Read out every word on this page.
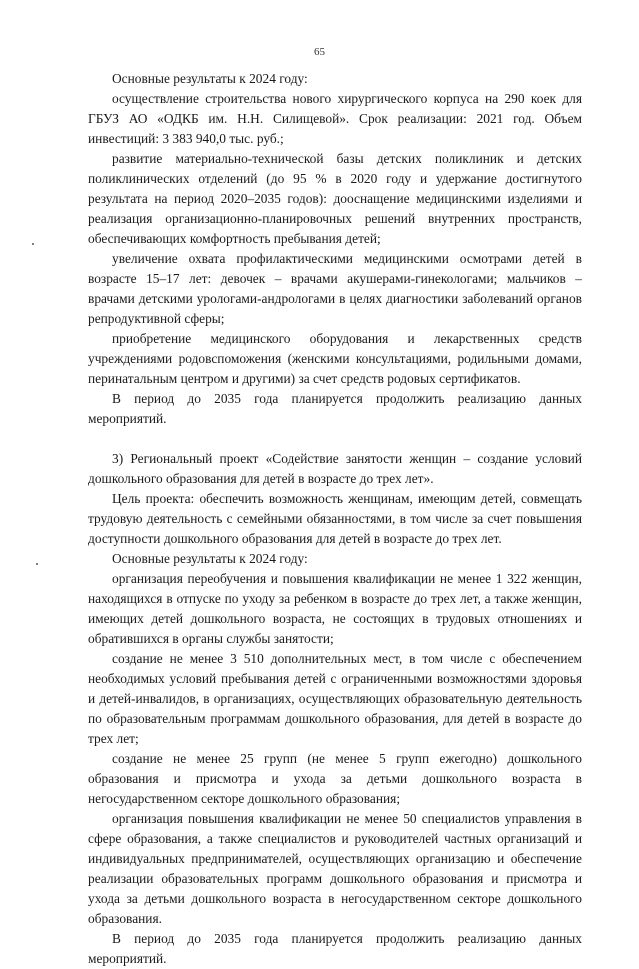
65

Основные результаты к 2024 году:

осуществление строительства нового хирургического корпуса на 290 коек для ГБУЗ АО «ОДКБ им. Н.Н. Силищевой». Срок реализации: 2021 год. Объем инвестиций: 3 383 940,0 тыс. руб.;

развитие материально-технической базы детских поликлиник и детских поликлинических отделений (до 95 % в 2020 году и удержание достигнутого результата на период 2020–2035 годов): дооснащение медицинскими изделиями и реализация организационно-планировочных решений внутренних пространств, обеспечивающих комфортность пребывания детей;

увеличение охвата профилактическими медицинскими осмотрами детей в возрасте 15–17 лет: девочек – врачами акушерами-гинекологами; мальчиков – врачами детскими урологами-андрологами в целях диагностики заболеваний органов репродуктивной сферы;

приобретение медицинского оборудования и лекарственных средств учреждениями родовспоможения (женскими консультациями, родильными домами, перинатальным центром и другими) за счет средств родовых сертификатов.

В период до 2035 года планируется продолжить реализацию данных мероприятий.

3) Региональный проект «Содействие занятости женщин – создание условий дошкольного образования для детей в возрасте до трех лет».

Цель проекта: обеспечить возможность женщинам, имеющим детей, совмещать трудовую деятельность с семейными обязанностями, в том числе за счет повышения доступности дошкольного образования для детей в возрасте до трех лет.

Основные результаты к 2024 году:

организация переобучения и повышения квалификации не менее 1 322 женщин, находящихся в отпуске по уходу за ребенком в возрасте до трех лет, а также женщин, имеющих детей дошкольного возраста, не состоящих в трудовых отношениях и обратившихся в органы службы занятости;

создание не менее 3 510 дополнительных мест, в том числе с обеспечением необходимых условий пребывания детей с ограниченными возможностями здоровья и детей-инвалидов, в организациях, осуществляющих образовательную деятельность по образовательным программам дошкольного образования, для детей в возрасте до трех лет;

создание не менее 25 групп (не менее 5 групп ежегодно) дошкольного образования и присмотра и ухода за детьми дошкольного возраста в негосударственном секторе дошкольного образования;

организация повышения квалификации не менее 50 специалистов управления в сфере образования, а также специалистов и руководителей частных организаций и индивидуальных предпринимателей, осуществляющих организацию и обеспечение реализации образовательных программ дошкольного образования и присмотра и ухода за детьми дошкольного возраста в негосударственном секторе дошкольного образования.

В период до 2035 года планируется продолжить реализацию данных мероприятий.
